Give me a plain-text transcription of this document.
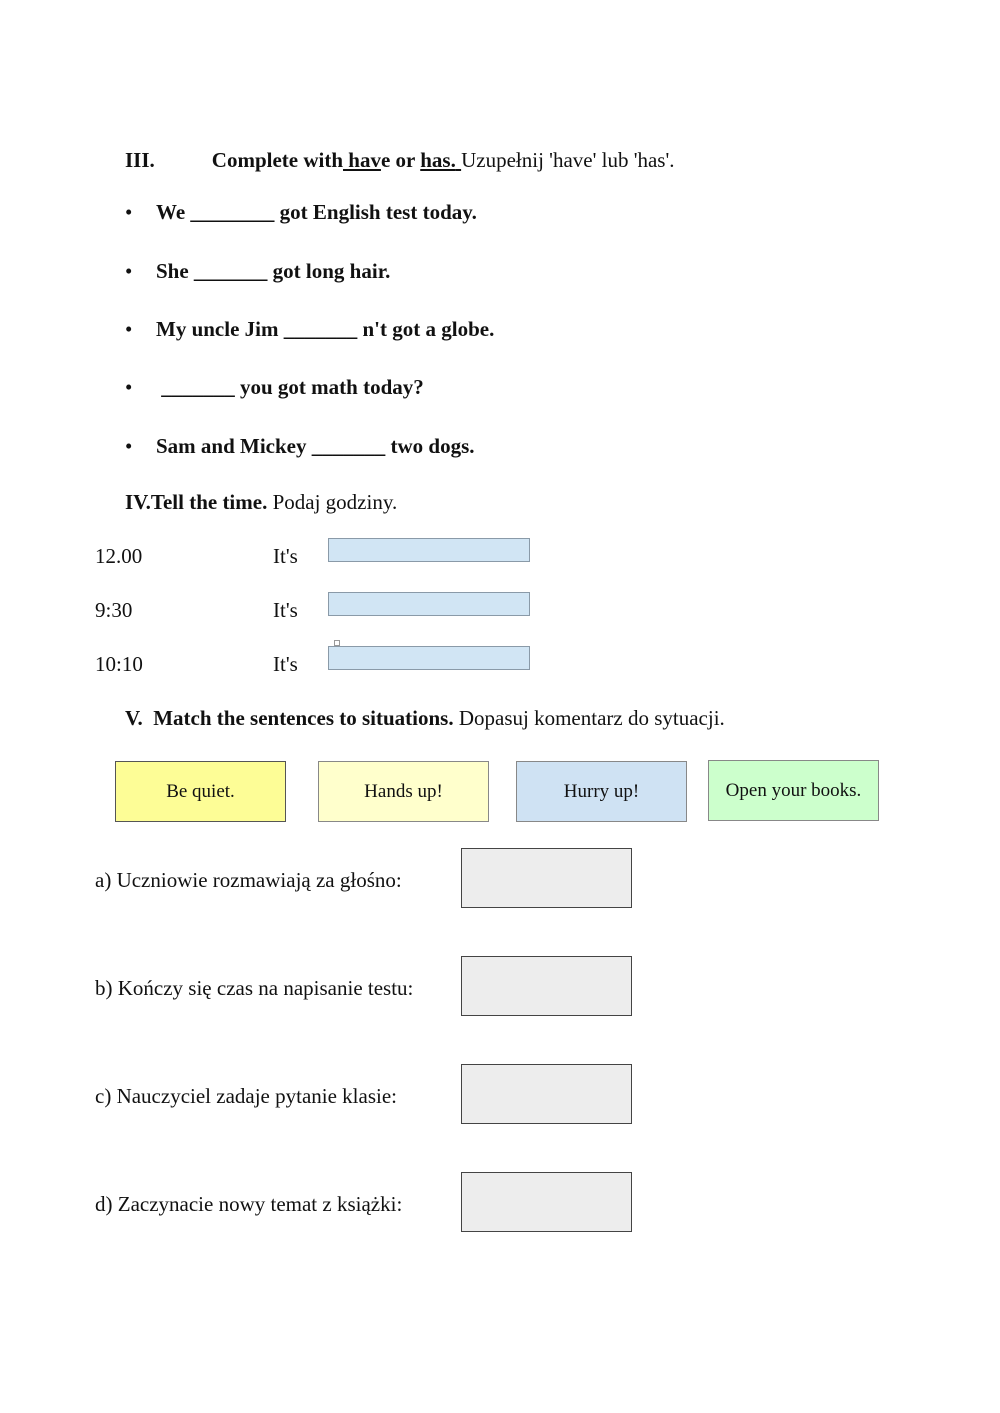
III.	Complete with have or has. Uzupełnij 'have' lub 'has'.
• We ________ got English test today.
• She _______ got long hair.
• My uncle Jim _______ n't got a globe.
• _______ you got math today?
• Sam and Mickey _______ two dogs.
IV.Tell the time. Podaj godziny.
12.00	It's
9:30	It's
10:10	It's
V.  Match the sentences to situations. Dopasuj komentarz do sytuacji.
Be quiet.	Hands up!	Hurry up!	Open your books.
a) Uczniowie rozmawiają za głośno:
b) Kończy się czas na napisanie testu:
c) Nauczyciel zadaje pytanie klasie:
d) Zaczynacie nowy temat z książki:
